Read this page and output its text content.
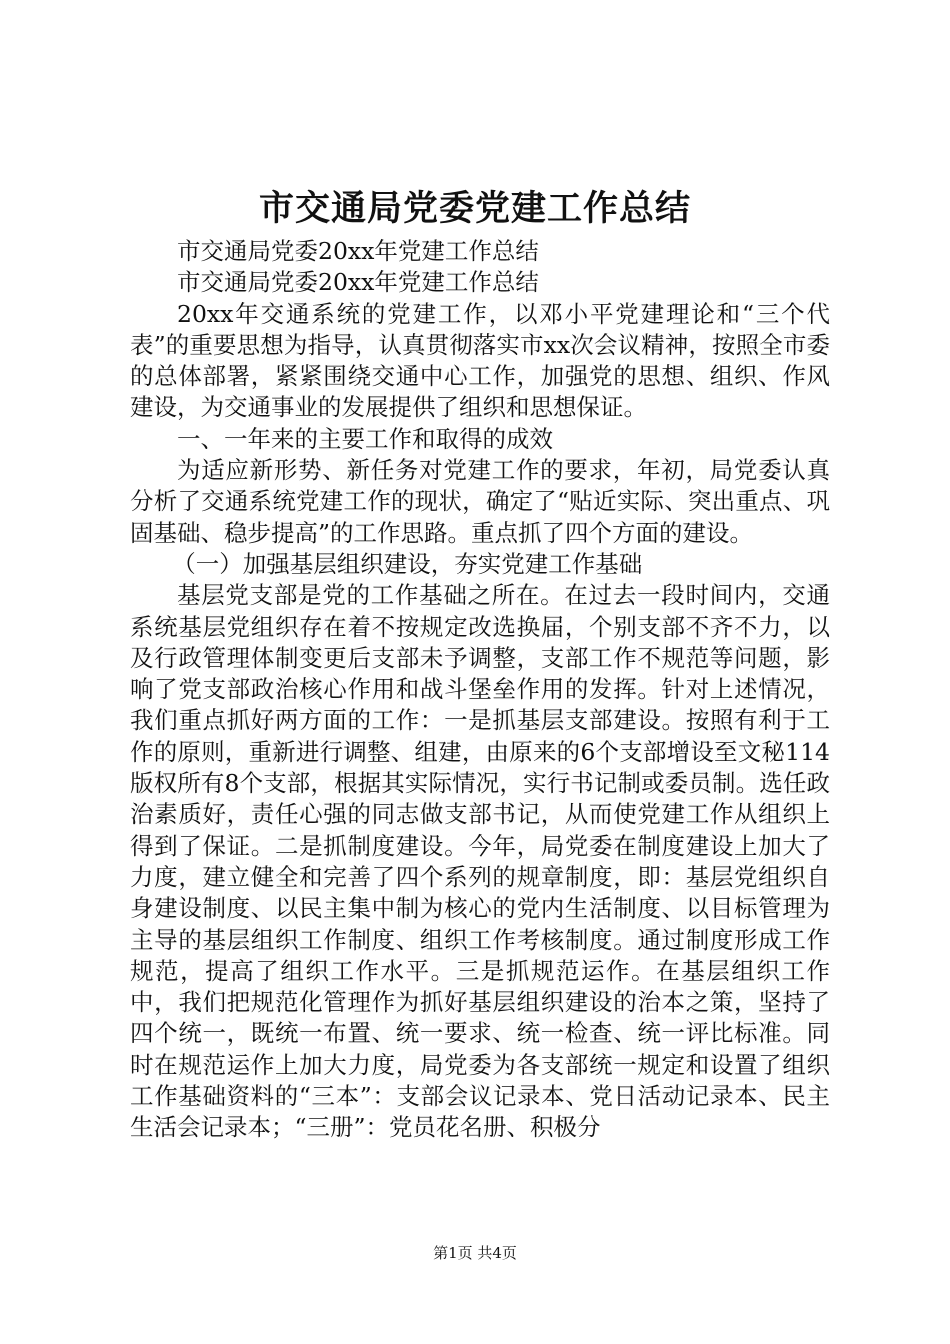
市交通局党委党建工作总结

市交通局党委20xx年党建工作总结

市交通局党委20xx年党建工作总结

20xx年交通系统的党建工作，以邓小平党建理论和“三个代表”的重要思想为指导，认真贯彻落实市xx次会议精神，按照全市委的总体部署，紧紧围绕交通中心工作，加强党的思想、组织、作风建设，为交通事业的发展提供了组织和思想保证。

一、一年来的主要工作和取得的成效

为适应新形势、新任务对党建工作的要求，年初，局党委认真分析了交通系统党建工作的现状，确定了“贴近实际、突出重点、巩固基础、稳步提高”的工作思路。重点抓了四个方面的建设。

（一）加强基层组织建设，夯实党建工作基础

基层党支部是党的工作基础之所在。在过去一段时间内，交通系统基层党组织存在着不按规定改选换届，个别支部不齐不力，以及行政管理体制变更后支部未予调整，支部工作不规范等问题，影响了党支部政治核心作用和战斗堡垒作用的发挥。针对上述情况，我们重点抓好两方面的工作：一是抓基层支部建设。按照有利于工作的原则，重新进行调整、组建，由原来的6个支部增设至文秘114版权所有8个支部，根据其实际情况，实行书记制或委员制。选任政治素质好，责任心强的同志做支部书记，从而使党建工作从组织上得到了保证。二是抓制度建设。今年，局党委在制度建设上加大了力度，建立健全和完善了四个系列的规章制度，即：基层党组织自身建设制度、以民主集中制为核心的党内生活制度、以目标管理为主导的基层组织工作制度、组织工作考核制度。通过制度形成工作规范，提高了组织工作水平。三是抓规范运作。在基层组织工作中，我们把规范化管理作为抓好基层组织建设的治本之策，坚持了四个统一，既统一布置、统一要求、统一检查、统一评比标准。同时在规范运作上加大力度，局党委为各支部统一规定和设置了组织工作基础资料的“三本”：支部会议记录本、党日活动记录本、民主生活会记录本；“三册”：党员花名册、积极分

第1页 共4页
